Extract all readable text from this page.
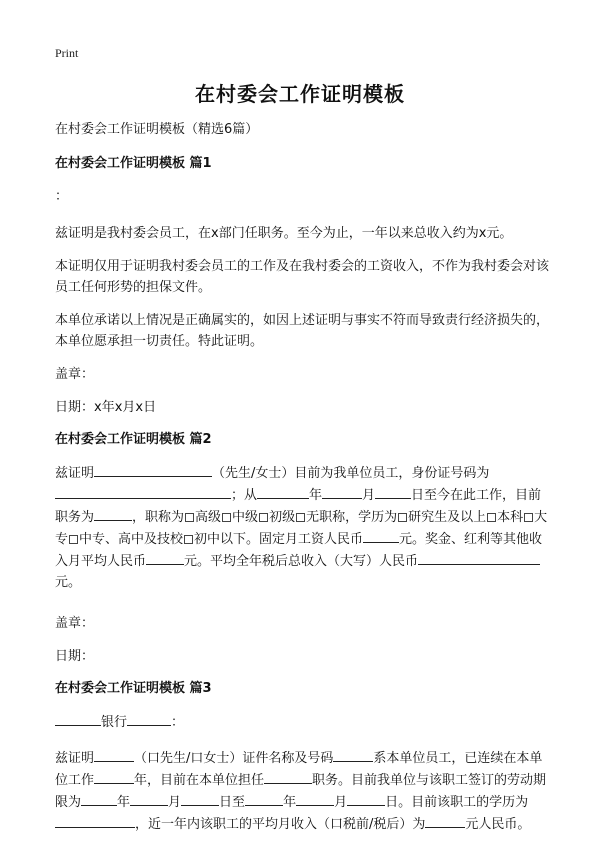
Print
在村委会工作证明模板
在村委会工作证明模板（精选6篇）
在村委会工作证明模板 篇1

：

兹证明是我村委会员工，在x部门任职务。至今为止，一年以来总收入约为x元。

本证明仅用于证明我村委会员工的工作及在我村委会的工资收入，不作为我村委会对该员工任何形势的担保文件。

本单位承诺以上情况是正确属实的，如因上述证明与事实不符而导致责行经济损失的，本单位愿承担一切责任。特此证明。

盖章：

日期：x年x月x日

在村委会工作证明模板 篇2

兹证明	（先生/女士）目前为我单位员工，身份证号码为；从	年	月	日至今在此工作，目前职务为	，职称为 高级 中级 初级 无职称，学历为 研究生及以上 本科 大专 中专、高中及技校 初中以下。固定月工资人民币	元。奖金、红利等其他收入月平均人民币	元。平均全年税后总收入（大写）人民币元。

盖章：

日期：

在村委会工作证明模板 篇3

银行	：

兹证明	（口先生/口女士）证件名称及号码	系本单位员工，已连续在本单位工作	年，目前在本单位担任	职务。目前我单位与该职工签订的劳动期限为	年	月	日至	年	月	日。目前该职工的学历为，近一年内该职工的平均月收入（口税前/税后）为	元人民币。
